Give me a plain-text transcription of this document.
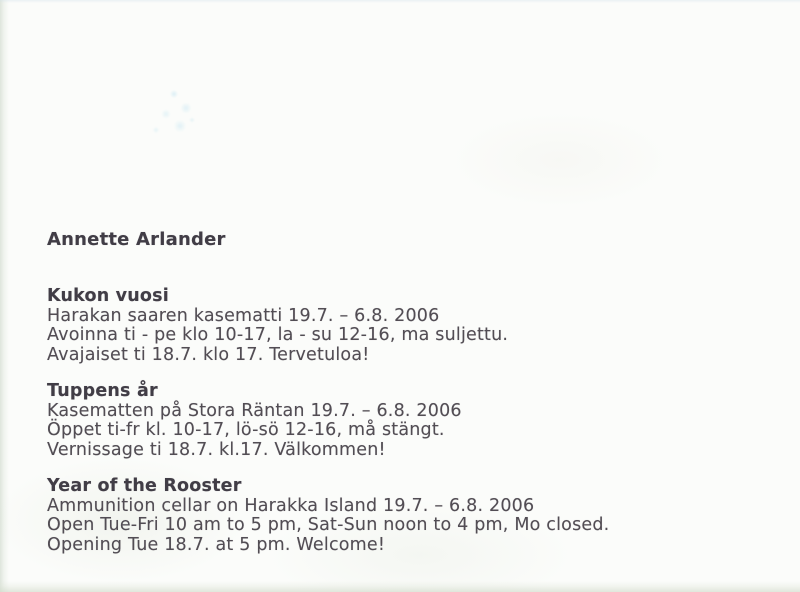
Annette Arlander
Kukon vuosi
Harakan saaren kasematti 19.7. – 6.8. 2006
Avoinna ti - pe klo 10-17, la - su 12-16, ma suljettu.
Avajaiset ti 18.7. klo 17. Tervetuloa!
Tuppens år
Kasematten på Stora Räntan 19.7. – 6.8. 2006
Öppet ti-fr kl. 10-17, lö-sö 12-16, må stängt.
Vernissage ti 18.7. kl.17. Välkommen!
Year of the Rooster
Ammunition cellar on Harakka Island 19.7. – 6.8. 2006
Open Tue-Fri 10 am to 5 pm, Sat-Sun noon to 4 pm, Mo closed.
Opening Tue 18.7. at 5 pm. Welcome!
